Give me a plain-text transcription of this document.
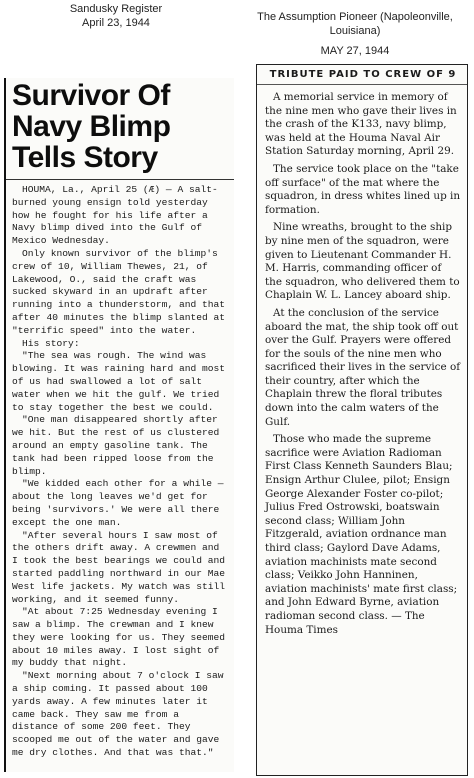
Sandusky Register
April 23, 1944	The Assumption Pioneer (Napoleonville, Louisiana)
MAY 27, 1944
Survivor Of
Navy Blimp
Tells Story

HOUMA, La., April 25 (Æ) — A salt-burned young ensign told yesterday how he fought for his life after a Navy blimp dived into the Gulf of Mexico Wednesday.

Only known survivor of the blimp's crew of 10, William Thewes, 21, of Lakewood, O., said the craft was sucked skyward in an updraft after running into a thunderstorm, and that after 40 minutes the blimp slanted at "terrific speed" into the water.

His story:

"The sea was rough. The wind was blowing. It was raining hard and most of us had swallowed a lot of salt water when we hit the gulf. We tried to stay together the best we could.

"One man disappeared shortly after we hit. But the rest of us clustered around an empty gasoline tank. The tank had been ripped loose from the blimp.

"We kidded each other for a while — about the long leaves we'd get for being 'survivors.' We were all there except the one man.

"After several hours I saw most of the others drift away. A crewmen and I took the best bearings we could and started paddling northward in our Mae West life jackets. My watch was still working, and it seemed funny.

"At about 7:25 Wednesday evening I saw a blimp. The crewman and I knew they were looking for us. They seemed about 10 miles away. I lost sight of my buddy that night.

"Next morning about 7 o'clock I saw a ship coming. It passed about 100 yards away. A few minutes later it came back. They saw me from a distance of some 200 feet. They scooped me out of the water and gave me dry clothes. And that was that."

TRIBUTE PAID TO CREW OF 9

A memorial service in memory of the nine men who gave their lives in the crash of the K133, navy blimp, was held at the Houma Naval Air Station Saturday morning, April 29.

The service took place on the "take off surface" of the mat where the squadron, in dress whites lined up in formation.

Nine wreaths, brought to the ship by nine men of the squadron, were given to Lieutenant Commander H. M. Harris, commanding officer of the squadron, who delivered them to Chaplain W. L. Lancey aboard ship.

At the conclusion of the service aboard the mat, the ship took off out over the Gulf. Prayers were offered for the souls of the nine men who sacrificed their lives in the service of their country, after which the Chaplain threw the floral tributes down into the calm waters of the Gulf.

Those who made the supreme sacrifice were Aviation Radioman First Class Kenneth Saunders Blau; Ensign Arthur Clulee, pilot; Ensign George Alexander Foster co-pilot; Julius Fred Ostrowski, boatswain second class; William John Fitzgerald, aviation ordnance man third class; Gaylord Dave Adams, aviation machinists mate second class; Veikko John Hanninen, aviation machinists' mate first class; and John Edward Byrne, aviation radioman second class. — The Houma Times
